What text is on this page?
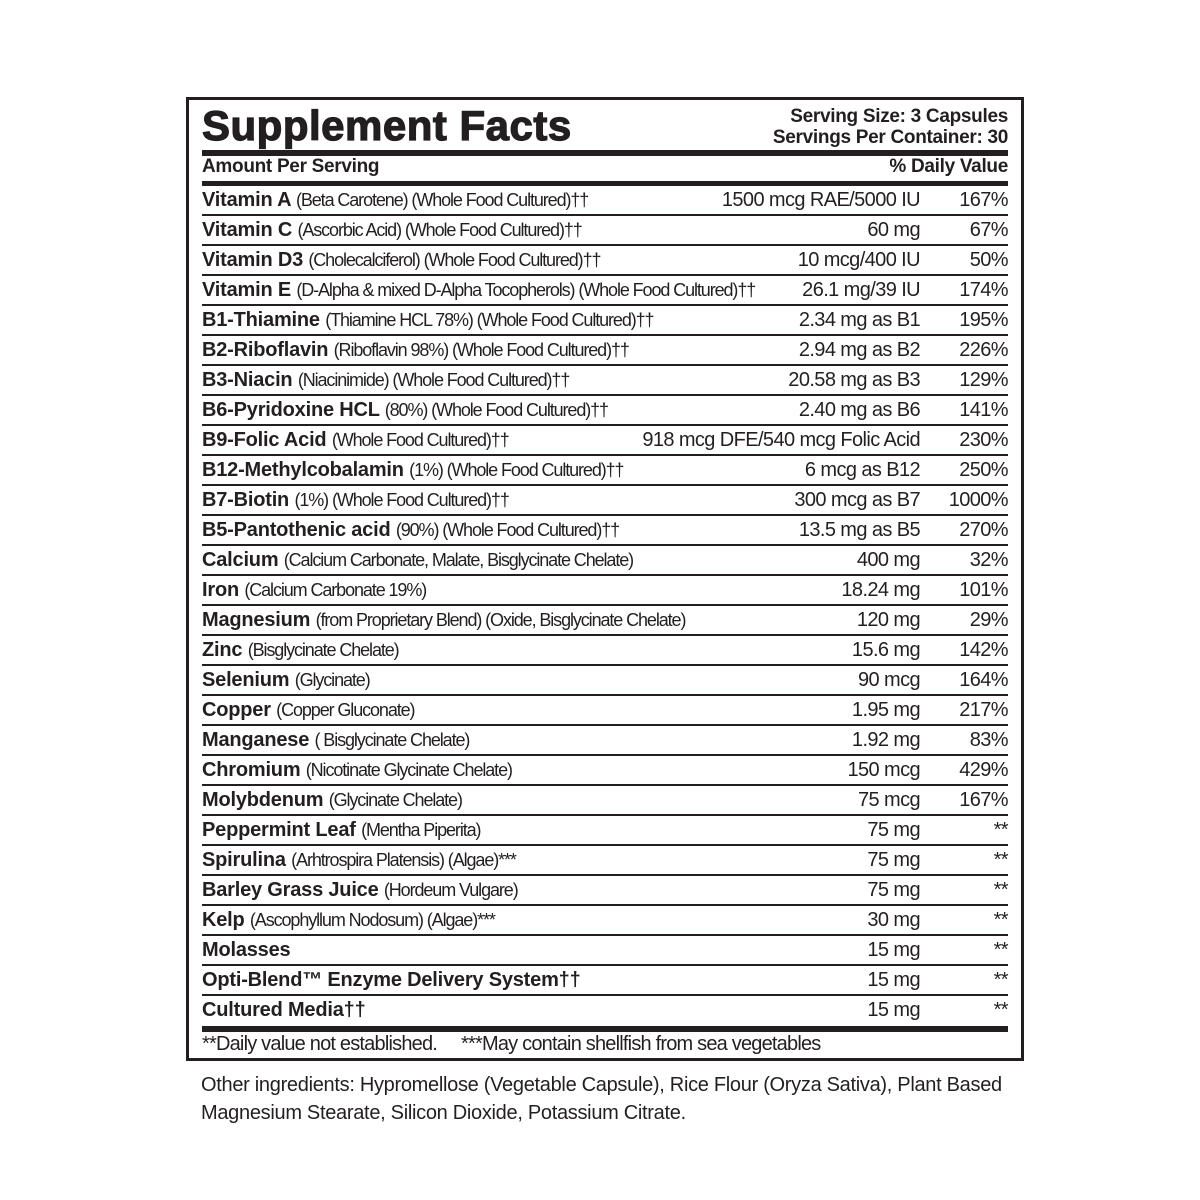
Supplement Facts	Serving Size: 3 Capsules
Servings Per Container: 30
Amount Per Serving	% Daily Value
Vitamin A (Beta Carotene) (Whole Food Cultured)††	1500 mcg RAE/5000 IU 167%
Vitamin C (Ascorbic Acid) (Whole Food Cultured)††	60 mg 67%
Vitamin D3 (Cholecalciferol) (Whole Food Cultured)††	10 mcg/400 IU 50%
Vitamin E (D-Alpha & mixed D-Alpha Tocopherols) (Whole Food Cultured)†† 26.1 mg/39 IU 174%
B1-Thiamine (Thiamine HCL 78%) (Whole Food Cultured)††	2.34 mg as B1 195%
B2-Riboflavin (Riboflavin 98%) (Whole Food Cultured)††	2.94 mg as B2 226%
B3-Niacin (Niacinimide) (Whole Food Cultured)††	20.58 mg as B3 129%
B6-Pyridoxine HCL (80%) (Whole Food Cultured)††	2.40 mg as B6 141%
B9-Folic Acid (Whole Food Cultured)††	918 mcg DFE/540 mcg Folic Acid 230%
B12-Methylcobalamin (1%) (Whole Food Cultured)††	6 mcg as B12 250%
B7-Biotin (1%) (Whole Food Cultured)††	300 mcg as B7 1000%
B5-Pantothenic acid (90%) (Whole Food Cultured)††	13.5 mg as B5 270%
Calcium (Calcium Carbonate, Malate, Bisglycinate Chelate)	400 mg 32%
Iron (Calcium Carbonate 19%)	18.24 mg 101%
Magnesium (from Proprietary Blend) (Oxide, Bisglycinate Chelate)	120 mg 29%
Zinc (Bisglycinate Chelate)	15.6 mg 142%
Selenium (Glycinate)	90 mcg 164%
Copper (Copper Gluconate)	1.95 mg 217%
Manganese ( Bisglycinate Chelate)	1.92 mg 83%
Chromium (Nicotinate Glycinate Chelate)	150 mcg 429%
Molybdenum (Glycinate Chelate)	75 mcg 167%
Peppermint Leaf (Mentha Piperita)	75 mg	**
Spirulina (Arhtrospira Platensis) (Algae)***	75 mg	**
Barley Grass Juice (Hordeum Vulgare)	75 mg	**
Kelp (Ascophyllum Nodosum) (Algae)***	30 mg	**
Molasses	15 mg	**
Opti-Blend™ Enzyme Delivery System††	15 mg	**
Cultured Media††	15 mg	**
**Daily value not established. ***May contain shellfish from sea vegetables
Other ingredients: Hypromellose (Vegetable Capsule), Rice Flour (Oryza Sativa), Plant Based Magnesium Stearate, Silicon Dioxide, Potassium Citrate.
